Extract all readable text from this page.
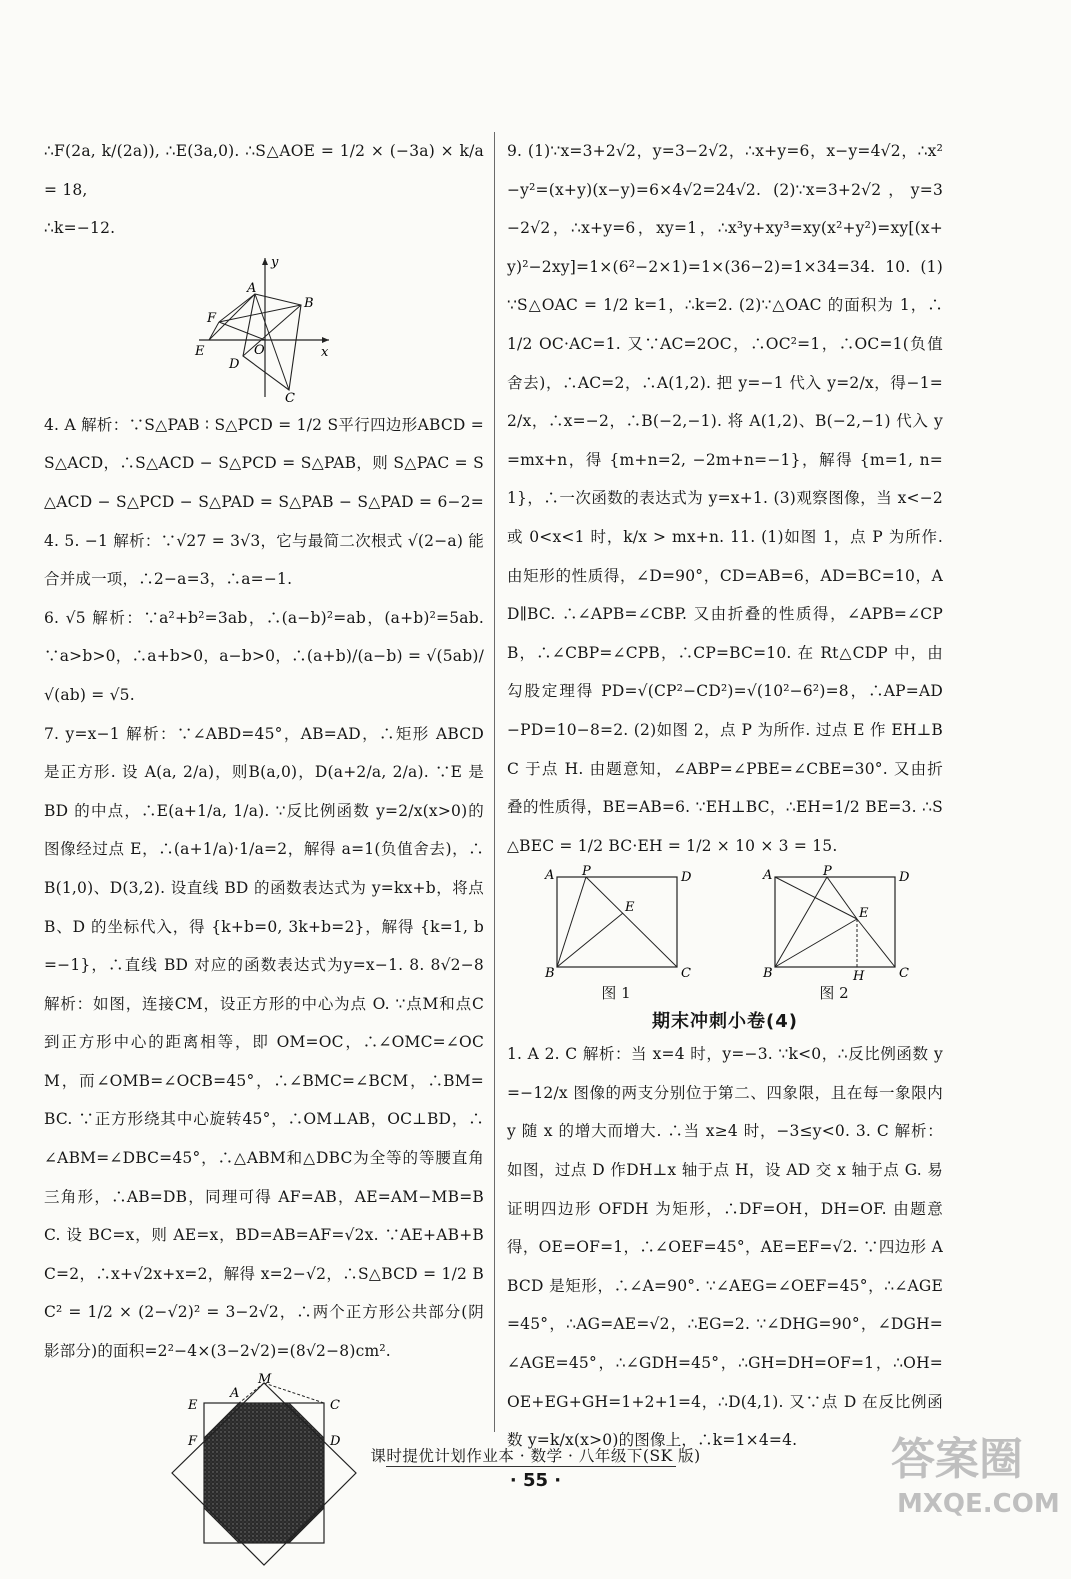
∴F(2a, k/(2a)), ∴E(3a,0). ∴S△AOE = 1/2 × (−3a) × k/a = 18,

∴k=−12.

y
x
A
B
F
E	O
D
C

4. A 解析：∵S△PAB ∶ S△PCD = 1/2 S平行四边形ABCD = S△ACD，∴S△ACD − S△PCD = S△PAB，则 S△PAC = S△ACD − S△PCD − S△PAD = S△PAB − S△PAD = 6−2=4. 5. −1 解析：∵√27 = 3√3，它与最简二次根式 √(2−a) 能合并成一项，∴2−a=3，∴a=−1.

6. √5 解析：∵a²+b²=3ab，∴(a−b)²=ab，(a+b)²=5ab. ∵a>b>0，∴a+b>0，a−b>0，∴(a+b)/(a−b) = √(5ab)/√(ab) = √5.

7. y=x−1 解析：∵∠ABD=45°，AB=AD，∴矩形 ABCD 是正方形. 设 A(a, 2/a)，则B(a,0)，D(a+2/a, 2/a). ∵E 是 BD 的中点，∴E(a+1/a, 1/a). ∵反比例函数 y=2/x(x>0)的图像经过点 E，∴(a+1/a)·1/a=2，解得 a=1(负值舍去)，∴B(1,0)、D(3,2). 设直线 BD 的函数表达式为 y=kx+b，将点 B、D 的坐标代入，得 {k+b=0, 3k+b=2}，解得 {k=1, b=−1}，∴直线 BD 对应的函数表达式为y=x−1. 8. 8√2−8 解析：如图，连接CM，设正方形的中心为点 O. ∵点M和点C 到正方形中心的距离相等，即 OM=OC，∴∠OMC=∠OCM，而∠OMB=∠OCB=45°，∴∠BMC=∠BCM，∴BM=BC. ∵正方形绕其中心旋转45°，∴OM⊥AB，OC⊥BD，∴∠ABM=∠DBC=45°，∴△ABM和△DBC为全等的等腰直角三角形，∴AB=DB，同理可得 AF=AB，AE=AM−MB=BC. 设 BC=x，则 AE=x，BD=AB=AF=√2x. ∵AE+AB+BC=2，∴x+√2x+x=2，解得 x=2−√2，∴S△BCD = 1/2 BC² = 1/2 × (2−√2)² = 3−2√2，∴两个正方形公共部分(阴影部分)的面积=2²−4×(3−2√2)=(8√2−8)cm².

M
E
A
C
F	D

9. (1)∵x=3+2√2，y=3−2√2，∴x+y=6，x−y=4√2，∴x²−y²=(x+y)(x−y)=6×4√2=24√2. (2)∵x=3+2√2，y=3−2√2，∴x+y=6，xy=1，∴x³y+xy³=xy(x²+y²)=xy[(x+y)²−2xy]=1×(6²−2×1)=1×(36−2)=1×34=34. 10. (1)∵S△OAC = 1/2 k=1，∴k=2. (2)∵△OAC 的面积为 1，∴1/2 OC·AC=1. 又∵AC=2OC，∴OC²=1，∴OC=1(负值舍去)，∴AC=2，∴A(1,2). 把 y=−1 代入 y=2/x，得−1=2/x，∴x=−2，∴B(−2,−1). 将 A(1,2)、B(−2,−1) 代入 y=mx+n，得 {m+n=2, −2m+n=−1}，解得 {m=1, n=1}，∴一次函数的表达式为 y=x+1. (3)观察图像，当 x<−2 或 0<x<1 时，k/x > mx+n. 11. (1)如图 1，点 P 为所作. 由矩形的性质得，∠D=90°，CD=AB=6，AD=BC=10，AD∥BC. ∴∠APB=∠CBP. 又由折叠的性质得，∠APB=∠CPB，∴∠CBP=∠CPB，∴CP=BC=10. 在 Rt△CDP 中，由勾股定理得 PD=√(CP²−CD²)=√(10²−6²)=8，∴AP=AD−PD=10−8=2. (2)如图 2，点 P 为所作. 过点 E 作 EH⊥BC 于点 H. 由题意知，∠ABP=∠PBE=∠CBE=30°. 又由折叠的性质得，BE=AB=6. ∵EH⊥BC，∴EH=1/2 BE=3. ∴S△BEC = 1/2 BC·EH = 1/2 × 10 × 3 = 15.

A P	D
E
B	C
A	P	D
E
B	H	C
图 1	图 2
期末冲刺小卷(4)

1. A 2. C 解析：当 x=4 时，y=−3. ∵k<0，∴反比例函数 y=−12/x 图像的两支分别位于第二、四象限，且在每一象限内 y 随 x 的增大而增大. ∴当 x≥4 时，−3≤y<0. 3. C 解析：如图，过点 D 作DH⊥x 轴于点 H，设 AD 交 x 轴于点 G. 易证明四边形 OFDH 为矩形，∴DF=OH，DH=OF. 由题意得，OE=OF=1，∴∠OEF=45°，AE=EF=√2. ∵四边形 ABCD 是矩形，∴∠A=90°. ∵∠AEG=∠OEF=45°，∴∠AGE=45°，∴AG=AE=√2，∴EG=2. ∵∠DHG=90°，∠DGH=∠AGE=45°，∴∠GDH=45°，∴GH=DH=OF=1，∴OH=OE+EG+GH=1+2+1=4，∴D(4,1). 又∵点 D 在反比例函数 y=k/x(x>0)的图像上，∴k=1×4=4.

课时提优计划作业本 · 数学 · 八年级下(SK 版)
· 55 ·	答案圈
MXQE.COM
